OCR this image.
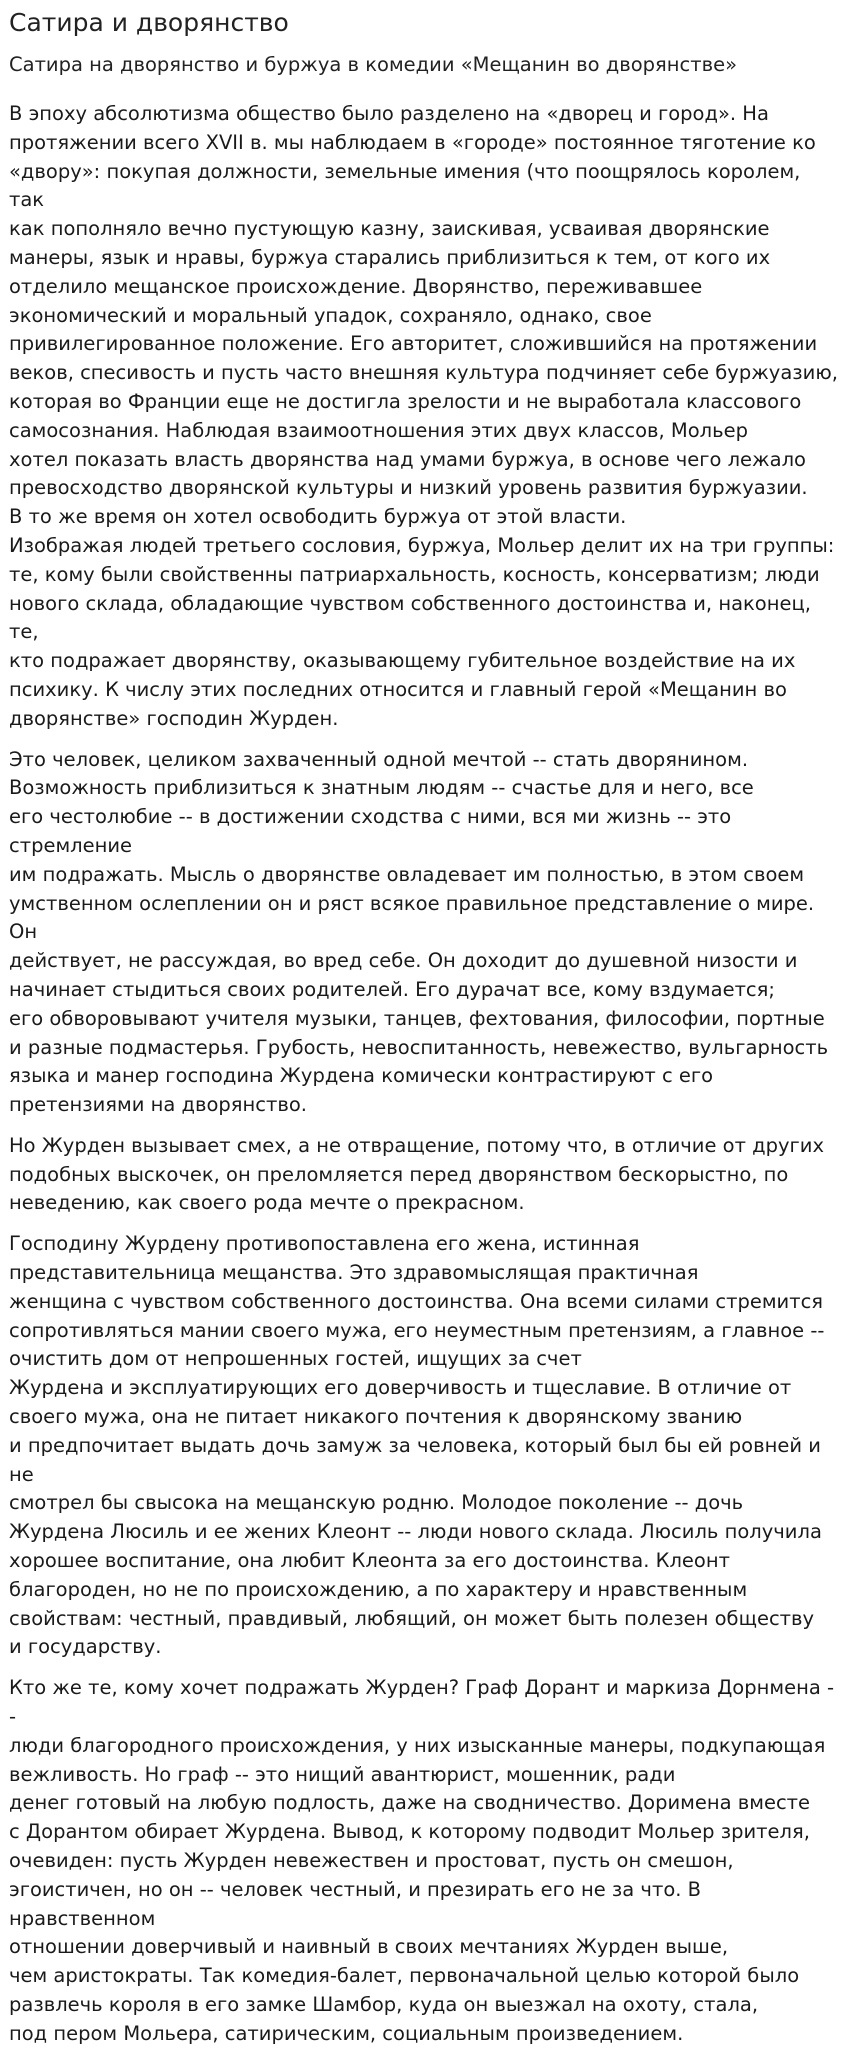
Сатира и дворянство
Сатира на дворянство и буржуа в комедии «Мещанин во дворянстве»

В эпоху абсолютизма общество было разделено на «дворец и город». На
протяжении всего XVII в. мы наблюдаем в «городе» постоянное тяготение ко
«двору»: покупая должности, земельные имения (что поощрялось королем, так
как пополняло вечно пустующую казну, заискивая, усваивая дворянские
манеры, язык и нравы, буржуа старались приблизиться к тем, от кого их
отделило мещанское происхождение. Дворянство, переживавшее
экономический и моральный упадок, сохраняло, однако, свое
привилегированное положение. Его авторитет, сложившийся на протяжении
веков, спесивость и пусть часто внешняя культура подчиняет себе буржуазию,
которая во Франции еще не достигла зрелости и не выработала классового
самосознания. Наблюдая взаимоотношения этих двух классов, Мольер
хотел показать власть дворянства над умами буржуа, в основе чего лежало
превосходство дворянской культуры и низкий уровень развития буржуазии.
В то же время он хотел освободить буржуа от этой власти.
Изображая людей третьего сословия, буржуа, Мольер делит их на три группы:
те, кому были свойственны патриархальность, косность, консерватизм; люди
нового склада, обладающие чувством собственного достоинства и, наконец, те,
кто подражает дворянству, оказывающему губительное воздействие на их
психику. К числу этих последних относится и главный герой «Мещанин во
дворянстве» господин Журден.

Это человек, целиком захваченный одной мечтой -- стать дворянином.
Возможность приблизиться к знатным людям -- счастье для и него, все
его честолюбие -- в достижении сходства с ними, вся ми жизнь -- это стремление
им подражать. Мысль о дворянстве овладевает им полностью, в этом своем
умственном ослеплении он и ряст всякое правильное представление о мире. Он
действует, не рассуждая, во вред себе. Он доходит до душевной низости и
начинает стыдиться своих родителей. Его дурачат все, кому вздумается;
его обворовывают учителя музыки, танцев, фехтования, философии, портные
и разные подмастерья. Грубость, невоспитанность, невежество, вульгарность
языка и манер господина Журдена комически контрастируют с его
претензиями на дворянство.

Но Журден вызывает смех, а не отвращение, потому что, в отличие от других
подобных выскочек, он преломляется перед дворянством бескорыстно, по
неведению, как своего рода мечте о прекрасном.

Господину Журдену противопоставлена его жена, истинная
представительница мещанства. Это здравомыслящая практичная
женщина с чувством собственного достоинства. Она всеми силами стремится
сопротивляться мании своего мужа, его неуместным претензиям, а главное --
очистить дом от непрошенных гостей, ищущих за счет
Журдена и эксплуатирующих его доверчивость и тщеславие. В отличие от
своего мужа, она не питает никакого почтения к дворянскому званию
и предпочитает выдать дочь замуж за человека, который был бы ей ровней и не
смотрел бы свысока на мещанскую родню. Молодое поколение -- дочь
Журдена Люсиль и ее жених Клеонт -- люди нового склада. Люсиль получила
хорошее воспитание, она любит Клеонта за его достоинства. Клеонт
благороден, но не по происхождению, а по характеру и нравственным
свойствам: честный, правдивый, любящий, он может быть полезен обществу
и государству.

Кто же те, кому хочет подражать Журден? Граф Дорант и маркиза Дорнмена --
люди благородного происхождения, у них изысканные манеры, подкупающая
вежливость. Но граф -- это нищий авантюрист, мошенник, ради
денег готовый на любую подлость, даже на сводничество. Доримена вместе
с Дорантом обирает Журдена. Вывод, к которому подводит Мольер зрителя,
очевиден: пусть Журден невежествен и простоват, пусть он смешон,
эгоистичен, но он -- человек честный, и презирать его не за что. В нравственном
отношении доверчивый и наивный в своих мечтаниях Журден выше,
чем аристократы. Так комедия-балет, первоначальной целью которой было
развлечь короля в его замке Шамбор, куда он выезжал на охоту, стала,
под пером Мольера, сатирическим, социальным произведением.
